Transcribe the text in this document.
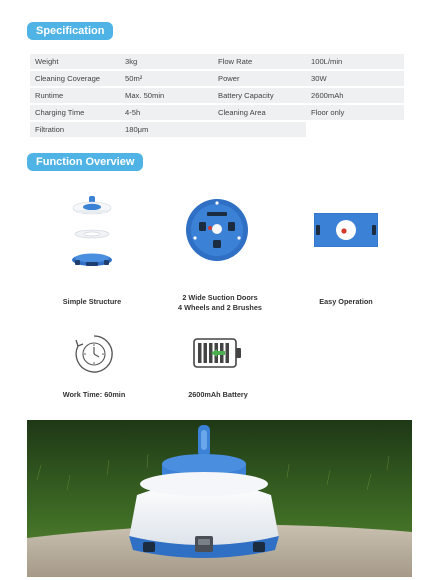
Specification
Weight	3kg	Flow Rate	100L/min
Cleaning Coverage	50m²	Power	30W
Runtime	Max. 50min	Battery Capacity	2600mAh
Charging Time	4-5h	Cleaning Area	Floor only
Filtration	180μm		
Function Overview
Simple Structure	2 Wide Suction Doors
4 Wheels and 2 Brushes
Easy Operation
Work Time: 60min	2600mAh Battery
